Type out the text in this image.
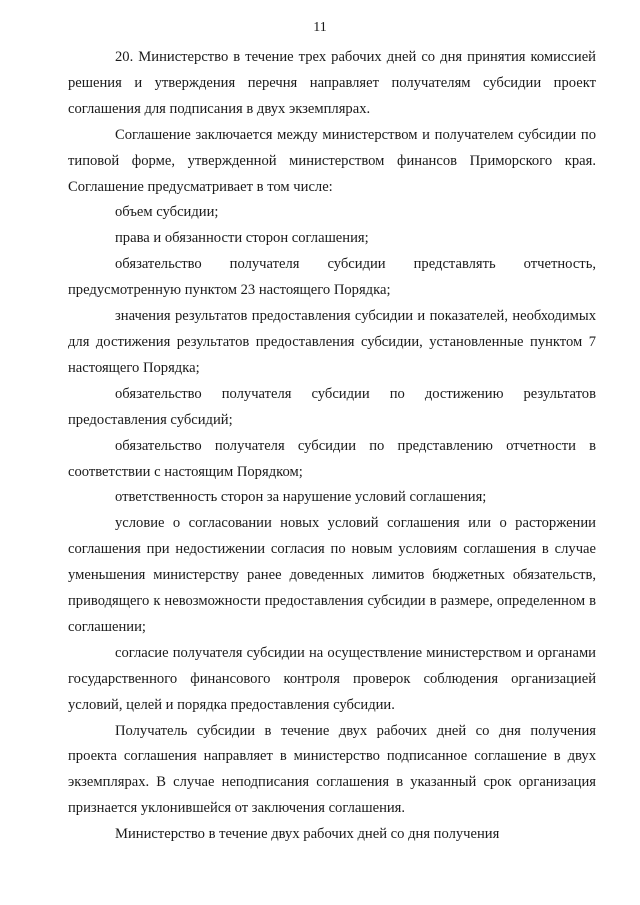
11

20. Министерство в течение трех рабочих дней со дня принятия комиссией решения и утверждения перечня направляет получателям субсидии проект соглашения для подписания в двух экземплярах.

Соглашение заключается между министерством и получателем субсидии по типовой форме, утвержденной министерством финансов Приморского края. Соглашение предусматривает в том числе:

объем субсидии;

права и обязанности сторон соглашения;

обязательство получателя субсидии представлять отчетность, предусмотренную пунктом 23 настоящего Порядка;

значения результатов предоставления субсидии и показателей, необходимых для достижения результатов предоставления субсидии, установленные пунктом 7 настоящего Порядка;

обязательство получателя субсидии по достижению результатов предоставления субсидий;

обязательство получателя субсидии по представлению отчетности в соответствии с настоящим Порядком;

ответственность сторон за нарушение условий соглашения;

условие о согласовании новых условий соглашения или о расторжении соглашения при недостижении согласия по новым условиям соглашения в случае уменьшения министерству ранее доведенных лимитов бюджетных обязательств, приводящего к невозможности предоставления субсидии в размере, определенном в соглашении;

согласие получателя субсидии на осуществление министерством и органами государственного финансового контроля проверок соблюдения организацией условий, целей и порядка предоставления субсидии.

Получатель субсидии в течение двух рабочих дней со дня получения проекта соглашения направляет в министерство подписанное соглашение в двух экземплярах. В случае неподписания соглашения в указанный срок организация признается уклонившейся от заключения соглашения.

Министерство в течение двух рабочих дней со дня получения
